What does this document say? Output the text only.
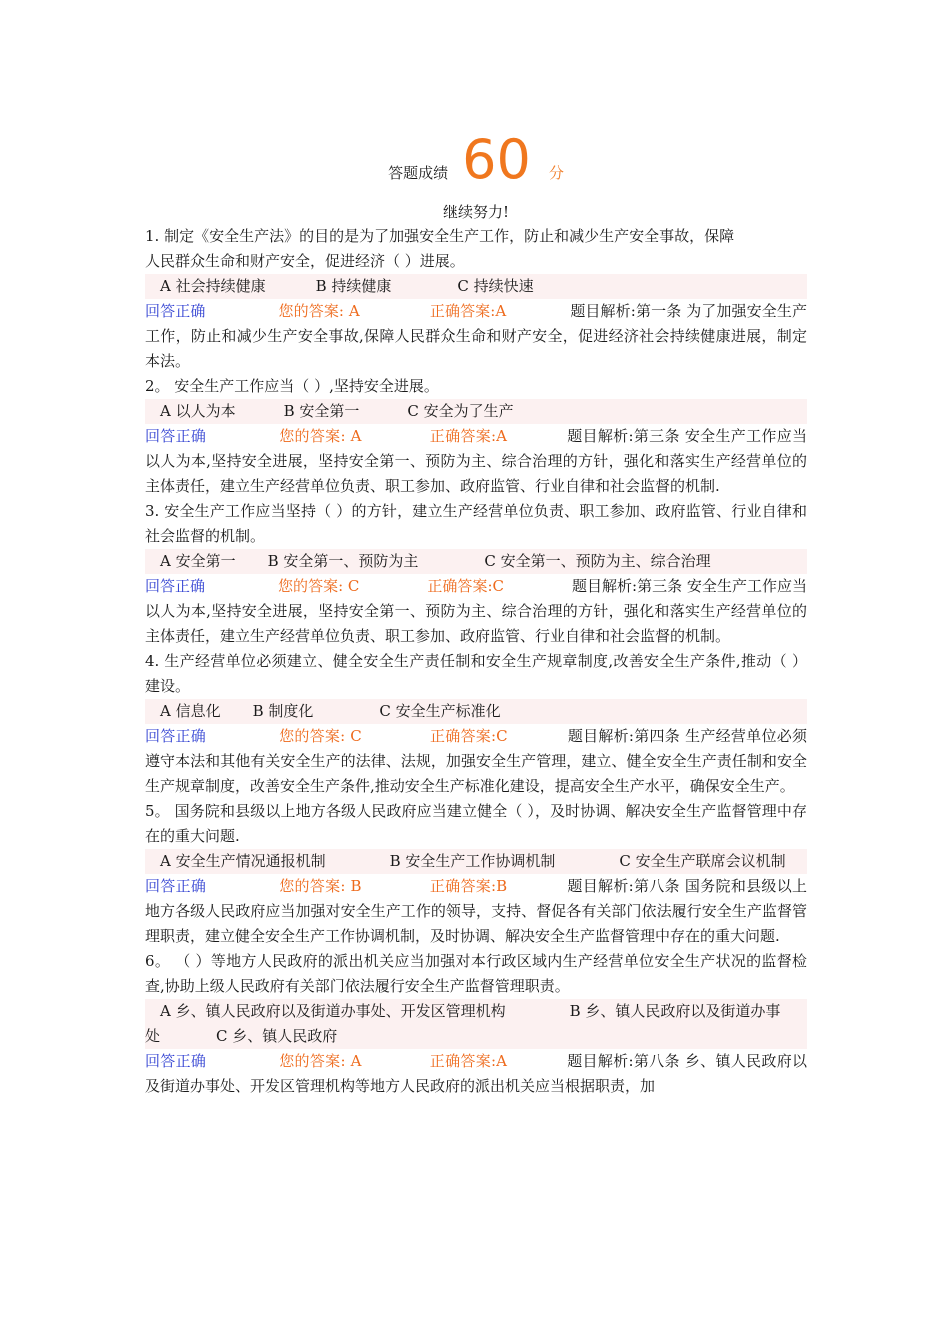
答题成绩 60 分
继续努力!
1. 制定《安全生产法》的目的是为了加强安全生产工作，防止和减少生产安全事故，保障
人民群众生命和财产安全，促进经济（ ）进展。
A 社会持续健康	B 持续健康	C 持续快速
回答正确	您的答案: A	正确答案:A	题目解析:第一条 为了加强安全生产工作，防止和减少生产安全事故,保障人民群众生命和财产安全，促进经济社会持续健康进展，制定本法。
2。 安全生产工作应当（ ）,坚持安全进展。
A 以人为本	B 安全第一	C 安全为了生产
回答正确	您的答案: A	正确答案:A	题目解析:第三条 安全生产工作应当以人为本,坚持安全进展，坚持安全第一、预防为主、综合治理的方针，强化和落实生产经营单位的主体责任，建立生产经营单位负责、职工参加、政府监管、行业自律和社会监督的机制.
3. 安全生产工作应当坚持（ ）的方针，建立生产经营单位负责、职工参加、政府监管、行业自律和社会监督的机制。
A 安全第一 B 安全第一、预防为主	C 安全第一、预防为主、综合治理
回答正确	您的答案: C	正确答案:C	题目解析:第三条 安全生产工作应当以人为本,坚持安全进展，坚持安全第一、预防为主、综合治理的方针，强化和落实生产经营单位的主体责任，建立生产经营单位负责、职工参加、政府监管、行业自律和社会监督的机制。
4. 生产经营单位必须建立、健全安全生产责任制和安全生产规章制度,改善安全生产条件,推动（ ）建设。
A 信息化 B 制度化	C 安全生产标准化
回答正确	您的答案: C	正确答案:C	题目解析:第四条 生产经营单位必须遵守本法和其他有关安全生产的法律、法规，加强安全生产管理，建立、健全安全生产责任制和安全生产规章制度，改善安全生产条件,推动安全生产标准化建设，提高安全生产水平，确保安全生产。
5。 国务院和县级以上地方各级人民政府应当建立健全（ ），及时协调、解决安全生产监督管理中存在的重大问题.
A 安全生产情况通报机制	B 安全生产工作协调机制	C 安全生产联席会议机制
回答正确	您的答案: B	正确答案:B	题目解析:第八条 国务院和县级以上地方各级人民政府应当加强对安全生产工作的领导，支持、督促各有关部门依法履行安全生产监督管理职责，建立健全安全生产工作协调机制，及时协调、解决安全生产监督管理中存在的重大问题.
6。 （ ）等地方人民政府的派出机关应当加强对本行政区域内生产经营单位安全生产状况的监督检查,协助上级人民政府有关部门依法履行安全生产监督管理职责。
A 乡、镇人民政府以及街道办事处、开发区管理机构	B 乡、镇人民政府以及街道办事处	C 乡、镇人民政府
回答正确	您的答案: A	正确答案:A	题目解析:第八条 乡、镇人民政府以及街道办事处、开发区管理机构等地方人民政府的派出机关应当根据职责，加
